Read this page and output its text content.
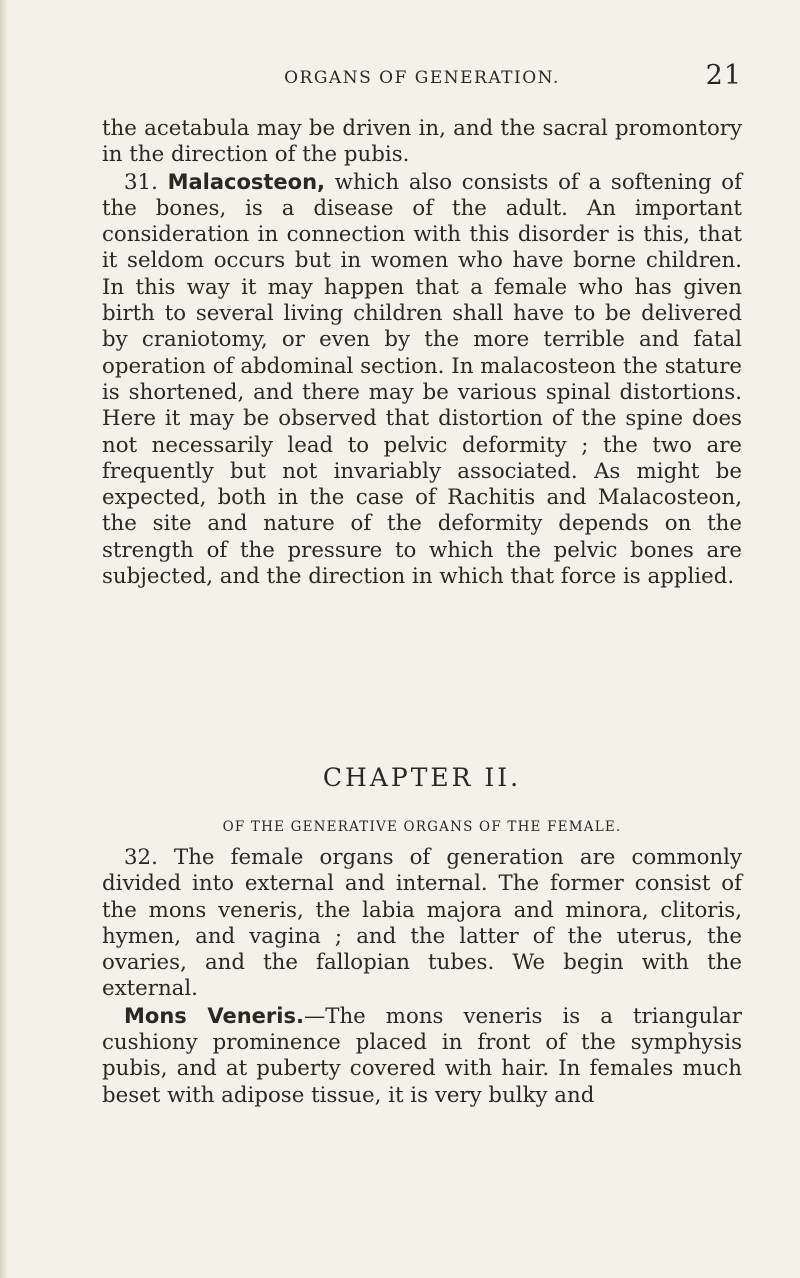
ORGANS OF GENERATION.	21

the acetabula may be driven in, and the sacral promontory in the direction of the pubis.

31. Malacosteon, which also consists of a softening of the bones, is a disease of the adult. An important consideration in connection with this disorder is this, that it seldom occurs but in women who have borne children. In this way it may happen that a female who has given birth to several living children shall have to be delivered by craniotomy, or even by the more terrible and fatal operation of abdominal section. In malacosteon the stature is shortened, and there may be various spinal distortions. Here it may be observed that distortion of the spine does not necessarily lead to pelvic deformity ; the two are frequently but not invariably associated. As might be expected, both in the case of Rachitis and Malacosteon, the site and nature of the deformity depends on the strength of the pressure to which the pelvic bones are subjected, and the direction in which that force is applied.

CHAPTER II.
OF THE GENERATIVE ORGANS OF THE FEMALE.

32. The female organs of generation are commonly divided into external and internal. The former consist of the mons veneris, the labia majora and minora, clitoris, hymen, and vagina ; and the latter of the uterus, the ovaries, and the fallopian tubes. We begin with the external.

Mons Veneris.—The mons veneris is a triangular cushiony prominence placed in front of the symphysis pubis, and at puberty covered with hair. In females much beset with adipose tissue, it is very bulky and
